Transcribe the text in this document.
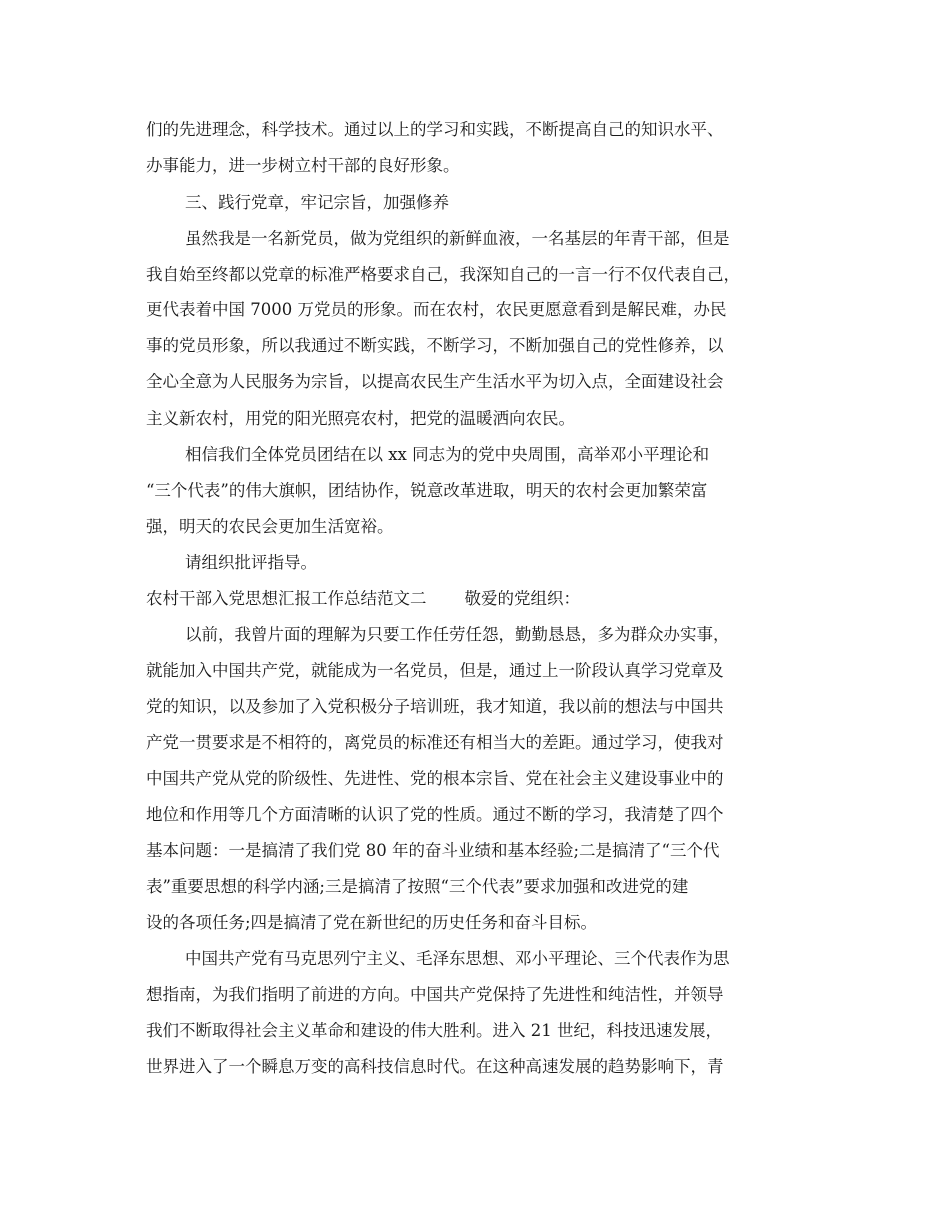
们的先进理念，科学技术。通过以上的学习和实践，不断提高自己的知识水平、
办事能力，进一步树立村干部的良好形象。
三、践行党章，牢记宗旨，加强修养
虽然我是一名新党员，做为党组织的新鲜血液，一名基层的年青干部，但是
我自始至终都以党章的标准严格要求自己，我深知自己的一言一行不仅代表自己，
更代表着中国 7000 万党员的形象。而在农村，农民更愿意看到是解民难，办民
事的党员形象，所以我通过不断实践，不断学习，不断加强自己的党性修养，以
全心全意为人民服务为宗旨，以提高农民生产生活水平为切入点，全面建设社会
主义新农村，用党的阳光照亮农村，把党的温暖洒向农民。
相信我们全体党员团结在以 xx 同志为的党中央周围，高举邓小平理论和
“三个代表”的伟大旗帜，团结协作，锐意改革进取，明天的农村会更加繁荣富
强，明天的农民会更加生活宽裕。
请组织批评指导。
农村干部入党思想汇报工作总结范文二 敬爱的党组织：
以前，我曾片面的理解为只要工作任劳任怨，勤勤恳恳，多为群众办实事，
就能加入中国共产党，就能成为一名党员，但是，通过上一阶段认真学习党章及
党的知识，以及参加了入党积极分子培训班，我才知道，我以前的想法与中国共
产党一贯要求是不相符的，离党员的标准还有相当大的差距。通过学习，使我对
中国共产党从党的阶级性、先进性、党的根本宗旨、党在社会主义建设事业中的
地位和作用等几个方面清晰的认识了党的性质。通过不断的学习，我清楚了四个
基本问题：一是搞清了我们党 80 年的奋斗业绩和基本经验;二是搞清了“三个代
表”重要思想的科学内涵;三是搞清了按照“三个代表”要求加强和改进党的建
设的各项任务;四是搞清了党在新世纪的历史任务和奋斗目标。
中国共产党有马克思列宁主义、毛泽东思想、邓小平理论、三个代表作为思
想指南，为我们指明了前进的方向。中国共产党保持了先进性和纯洁性，并领导
我们不断取得社会主义革命和建设的伟大胜利。进入 21 世纪，科技迅速发展，
世界进入了一个瞬息万变的高科技信息时代。在这种高速发展的趋势影响下，青
